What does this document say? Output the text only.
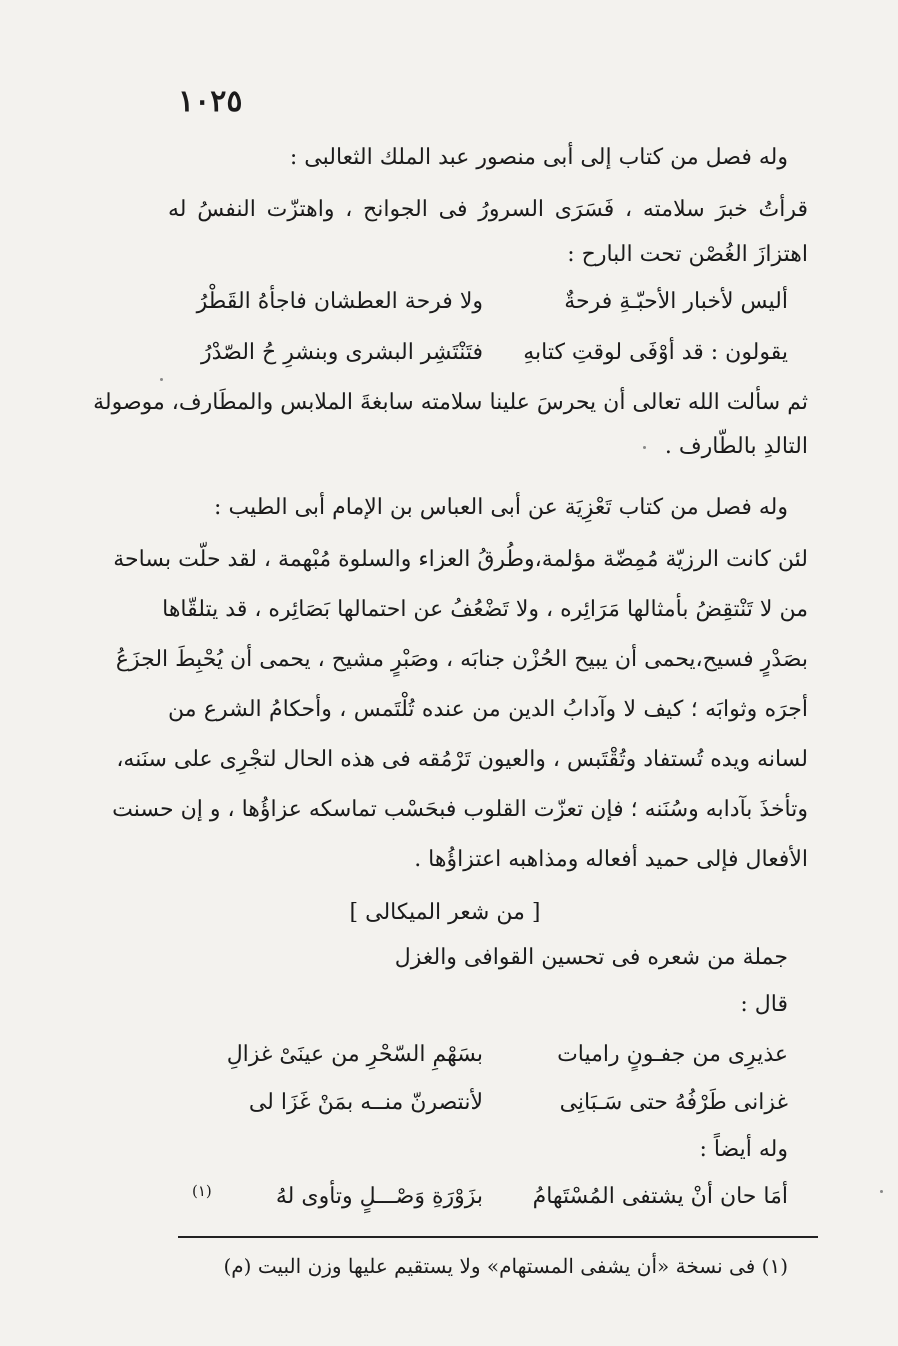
١٠٢٥
وله فصل من كتاب إلى أبى منصور عبد الملك الثعالبى :
قرأتُ خبرَ سلامته ، فَسَرَى السرورُ فى الجوانح ، واهتزّت النفسُ له
اهتزازَ الغُصْن تحت البارح :
أليس لأخبار الأحبّـةِ فرحةٌ
ولا فرحة العطشان فاجأهُ القَطْرُ
يقولون : قد أوْفَى لوقتِ كتابهِ
فتَنْتَشِر البشرى وبنشرِ حُ الصّدْرُ
ثم سألت الله تعالى أن يحرسَ علينا سلامته سابغةَ الملابس والمطَارف، موصولة
التالدِ بالطّارف .
وله فصل من كتاب تَعْزِيَة عن أبى العباس بن الإمام أبى الطيب :
لئن كانت الرزيّة مُمِضّة مؤلمة،وطُرقُ العزاء والسلوة مُبْهمة ، لقد حلّت بساحة
من لا تَنْتقِضُ بأمثالها مَرَائِره ، ولا تَضْعُفُ عن احتمالها بَصَائِره ، قد يتلقّاها
بصَدْرٍ فسيح،يحمى أن يبيح الحُزْن جنابَه ، وصَبْرٍ مشيح ، يحمى أن يُحْبِطَ الجزَعُ
أجرَه وثوابَه ؛ كيف لا وآدابُ الدين من عنده تُلْتَمس ، وأحكامُ الشرع من
لسانه ويده تُستفاد وتُقْتَبس ، والعيون تَرْمُقه فى هذه الحال لتجْرِى على سنَنه،
وتأخذَ بآدابه وسُنَنه ؛ فإن تعزّت القلوب فبحَسْب تماسكه عزاؤُها ، و إن حسنت
الأفعال فإلى حميد أفعاله ومذاهبه اعتزاؤُها .
[ من شعر الميكالى ]
جملة من شعره فى تحسين القوافى والغزل
قال :
عذيرِى من جفـونٍ راميات
بسَهْمِ السّحْرِ من عينَىْ غزالِ
غزانى طَرْفُهُ حتى سَـبَانِى
لأنتصرنّ منــه بمَنْ غَزَا لى
وله أيضاً :
أمَا حان أنْ يشتفى المُسْتَهامُ
بزَوْرَةِ وَصْـــلٍ وتأوى لهُ
(١)
(١) فى نسخة «أن يشفى المستهام» ولا يستقيم عليها وزن البيت (م)
